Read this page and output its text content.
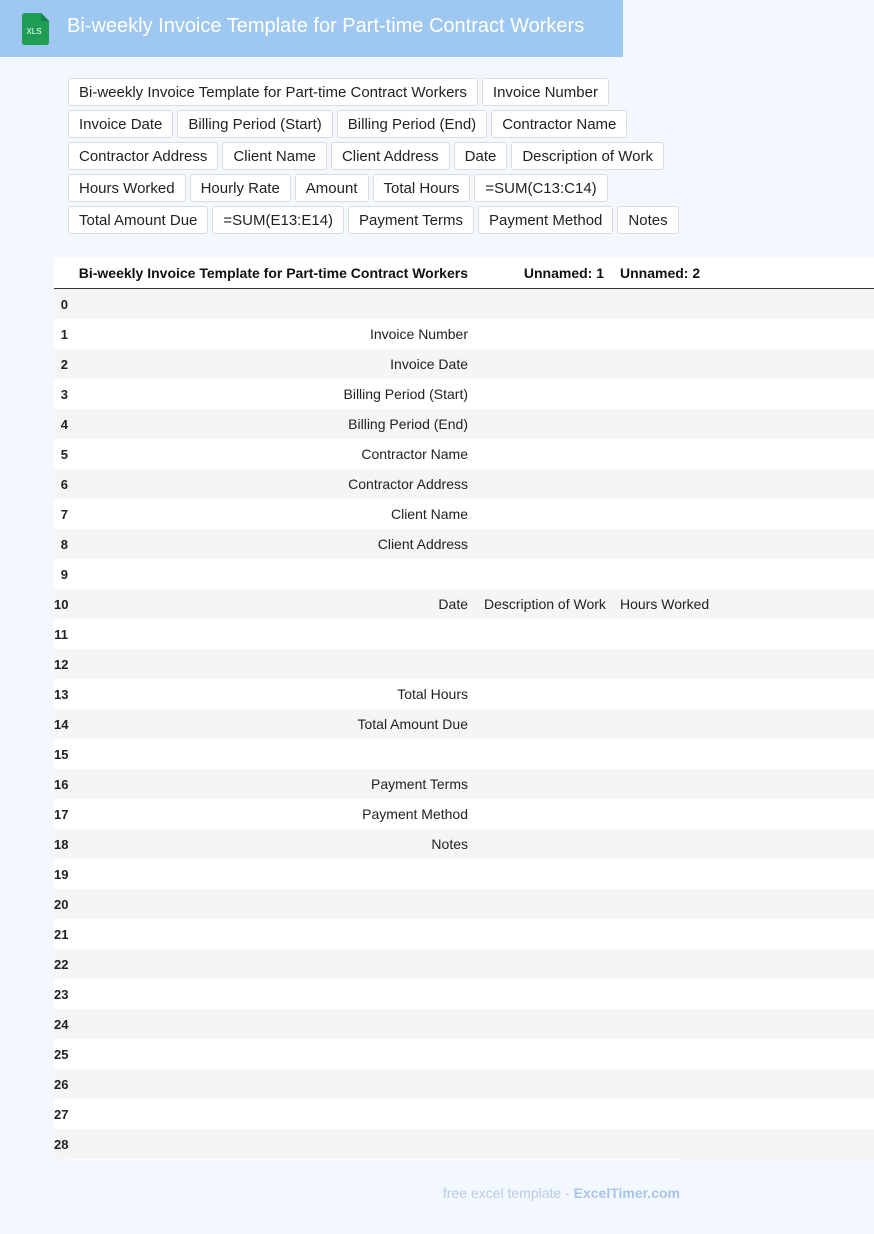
XLS Bi-weekly Invoice Template for Part-time Contract Workers
Bi-weekly Invoice Template for Part-time Contract Workers	Invoice Number
Invoice Date	Billing Period (Start)	Billing Period (End)	Contractor Name
Contractor Address	Client Name	Client Address	Date	Description of Work
Hours Worked	Hourly Rate	Amount	Total Hours	=SUM(C13:C14)
Total Amount Due	=SUM(E13:E14)	Payment Terms	Payment Method	Notes
	Bi-weekly Invoice Template for Part-time Contract Workers	Unnamed: 1	Unnamed: 2
0			
1	Invoice Number		
2	Invoice Date		
3	Billing Period (Start)		
4	Billing Period (End)		
5	Contractor Name		
6	Contractor Address		
7	Client Name		
8	Client Address		
9			
10	Date	Description of Work	Hours Worked
11			
12			
13	Total Hours		
14	Total Amount Due		
15			
16	Payment Terms		
17	Payment Method		
18	Notes		
19			
20			
21			
22			
23			
24			
25			
26			
27			
28			
free excel template - ExcelTimer.com
